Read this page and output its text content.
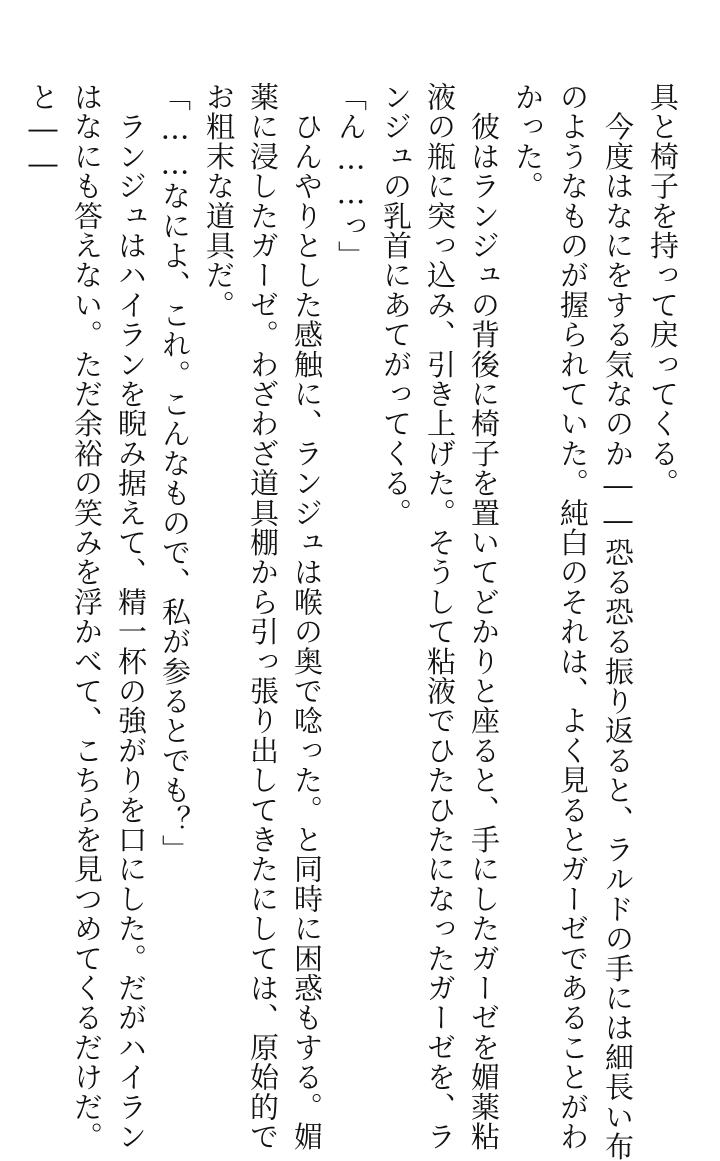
具と椅子を持って戻ってくる。
　今度はなにをする気なのか――恐る恐る振り返ると、ラルドの手には細長い布
のようなものが握られていた。純白のそれは、よく見るとガーゼであることがわ
かった。
　彼はランジュの背後に椅子を置いてどかりと座ると、手にしたガーゼを媚薬粘
液の瓶に突っ込み、引き上げた。そうして粘液でひたひたになったガーゼを、ラ
ンジュの乳首にあてがってくる。
「ん……っ」
　ひんやりとした感触に、ランジュは喉の奥で唸った。と同時に困惑もする。媚
薬に浸したガーゼ。わざわざ道具棚から引っ張り出してきたにしては、原始的で
お粗末な道具だ。
「……なによ、これ。こんなもので、私が参るとでも？」
　ランジュはハイランを睨み据えて、精一杯の強がりを口にした。だがハイラン
はなにも答えない。ただ余裕の笑みを浮かべて、こちらを見つめてくるだけだ。
と――
